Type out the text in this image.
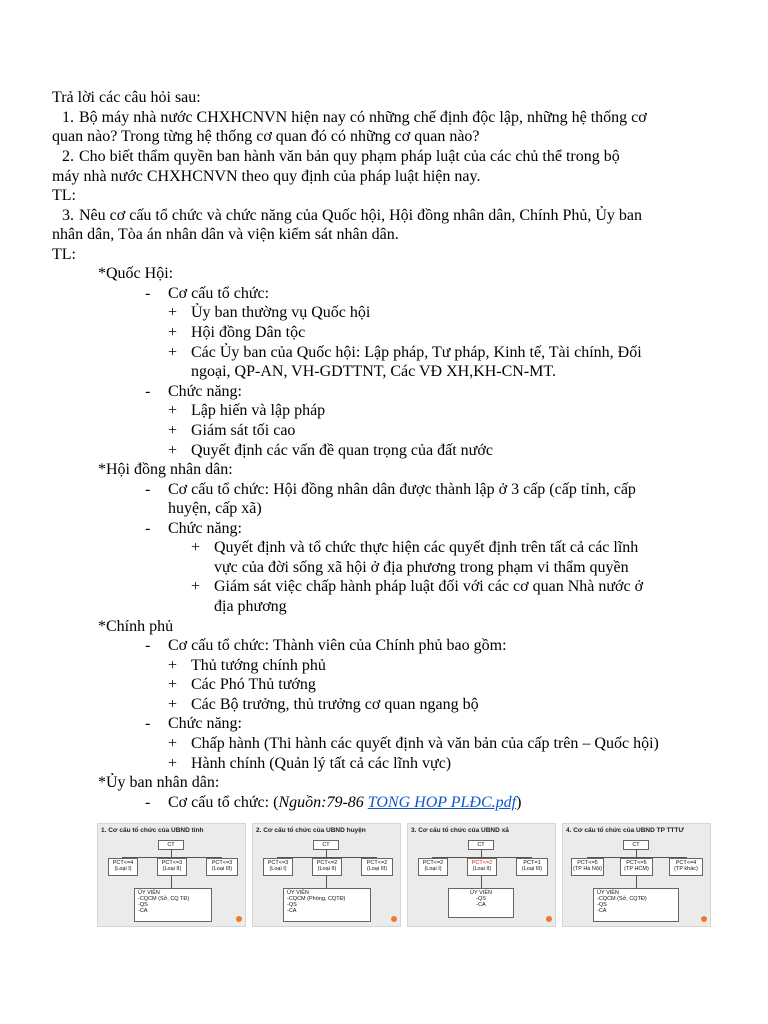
Trả lời các câu hỏi sau:
1. Bộ máy nhà nước CHXHCNVN hiện nay có những chế định độc lập, những hệ thống cơ
quan nào? Trong từng hệ thống cơ quan đó có những cơ quan nào?
2. Cho biết thẩm quyền ban hành văn bản quy phạm pháp luật của các chủ thể trong bộ
máy nhà nước CHXHCNVN theo quy định của pháp luật hiện nay.
TL:
3. Nêu cơ cấu tổ chức và chức năng của Quốc hội, Hội đồng nhân dân, Chính Phủ, Ủy ban
nhân dân, Tòa án nhân dân và viện kiểm sát nhân dân.
TL:
*Quốc Hội:
- Cơ cấu tổ chức:
+ Ủy ban thường vụ Quốc hội
+ Hội đồng Dân tộc
+ Các Ủy ban của Quốc hội: Lập pháp, Tư pháp, Kinh tế, Tài chính, Đối
ngoại, QP-AN, VH-GDTTNT, Các VĐ XH,KH-CN-MT.
- Chức năng:
+ Lập hiến và lập pháp
+ Giám sát tối cao
+ Quyết định các vấn đề quan trọng của đất nước
*Hội đồng nhân dân:
- Cơ cấu tổ chức: Hội đồng nhân dân được thành lập ở 3 cấp (cấp tỉnh, cấp
huyện, cấp xã)
- Chức năng:
+ Quyết định và tổ chức thực hiện các quyết định trên tất cả các lĩnh
vực của đời sống xã hội ở địa phương trong phạm vi thẩm quyền
+ Giám sát việc chấp hành pháp luật đối với các cơ quan Nhà nước ở
địa phương
*Chính phủ
- Cơ cấu tổ chức: Thành viên của Chính phủ bao gồm:
+ Thủ tướng chính phủ
+ Các Phó Thủ tướng
+ Các Bộ trưởng, thủ trưởng cơ quan ngang bộ
- Chức năng:
+ Chấp hành (Thi hành các quyết định và văn bản của cấp trên – Quốc hội)
+ Hành chính (Quản lý tất cả các lĩnh vực)
*Ủy ban nhân dân:
- Cơ cấu tổ chức: (Nguồn:79-86 TONG HOP PLĐC.pdf)
1. Cơ cấu tổ chức của UBND tỉnh
CT
PCT<=4
(Loại I)
PCT<=3
(Loại II)
PCT<=3
(Loại III)
ỦY VIÊN
-CQCM (Sở, CQ TĐ)
-QS
-CA
2. Cơ cấu tổ chức của UBND huyện
CT
PCT<=3
(Loại I)
PCT<=2
(Loại II)
PCT<=2
(Loại III)
ỦY VIÊN
-CQCM (Phòng, CQTĐ)
-QS
-CA
3. Cơ cấu tổ chức của UBND xã
CT
PCT<=2
(Loại I)
PCT<=2
(Loại II)
PCT=1
(Loại III)
ỦY VIÊN
-QS
-CA
4. Cơ cấu tổ chức của UBND TP TTTƯ
CT
PCT<=5
(TP Hà Nội)
PCT<=5
(TP HCM)
PCT<=4
(TP khác)
ỦY VIÊN
-CQCM (Sở, CQTĐ)
-QS
-CA
